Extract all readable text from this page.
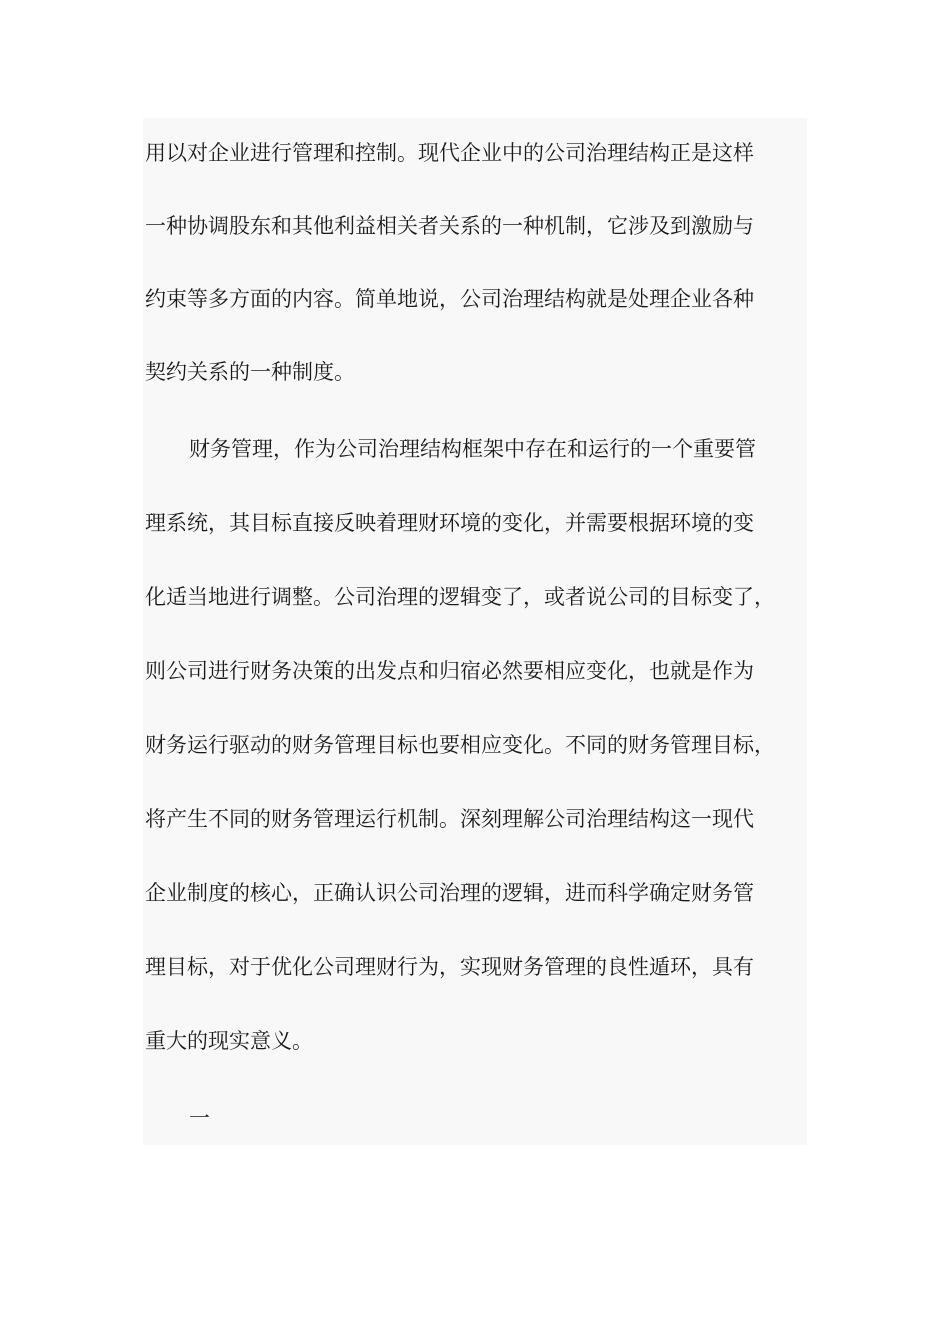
用以对企业进行管理和控制。现代企业中的公司治理结构正是这样
一种协调股东和其他利益相关者关系的一种机制，它涉及到激励与
约束等多方面的内容。简单地说，公司治理结构就是处理企业各种
契约关系的一种制度。
财务管理，作为公司治理结构框架中存在和运行的一个重要管
理系统，其目标直接反映着理财环境的变化，并需要根据环境的变
化适当地进行调整。公司治理的逻辑变了，或者说公司的目标变了，
则公司进行财务决策的出发点和归宿必然要相应变化，也就是作为
财务运行驱动的财务管理目标也要相应变化。不同的财务管理目标，
将产生不同的财务管理运行机制。深刻理解公司治理结构这一现代
企业制度的核心，正确认识公司治理的逻辑，进而科学确定财务管
理目标，对于优化公司理财行为，实现财务管理的良性遁环，具有
重大的现实意义。
一
